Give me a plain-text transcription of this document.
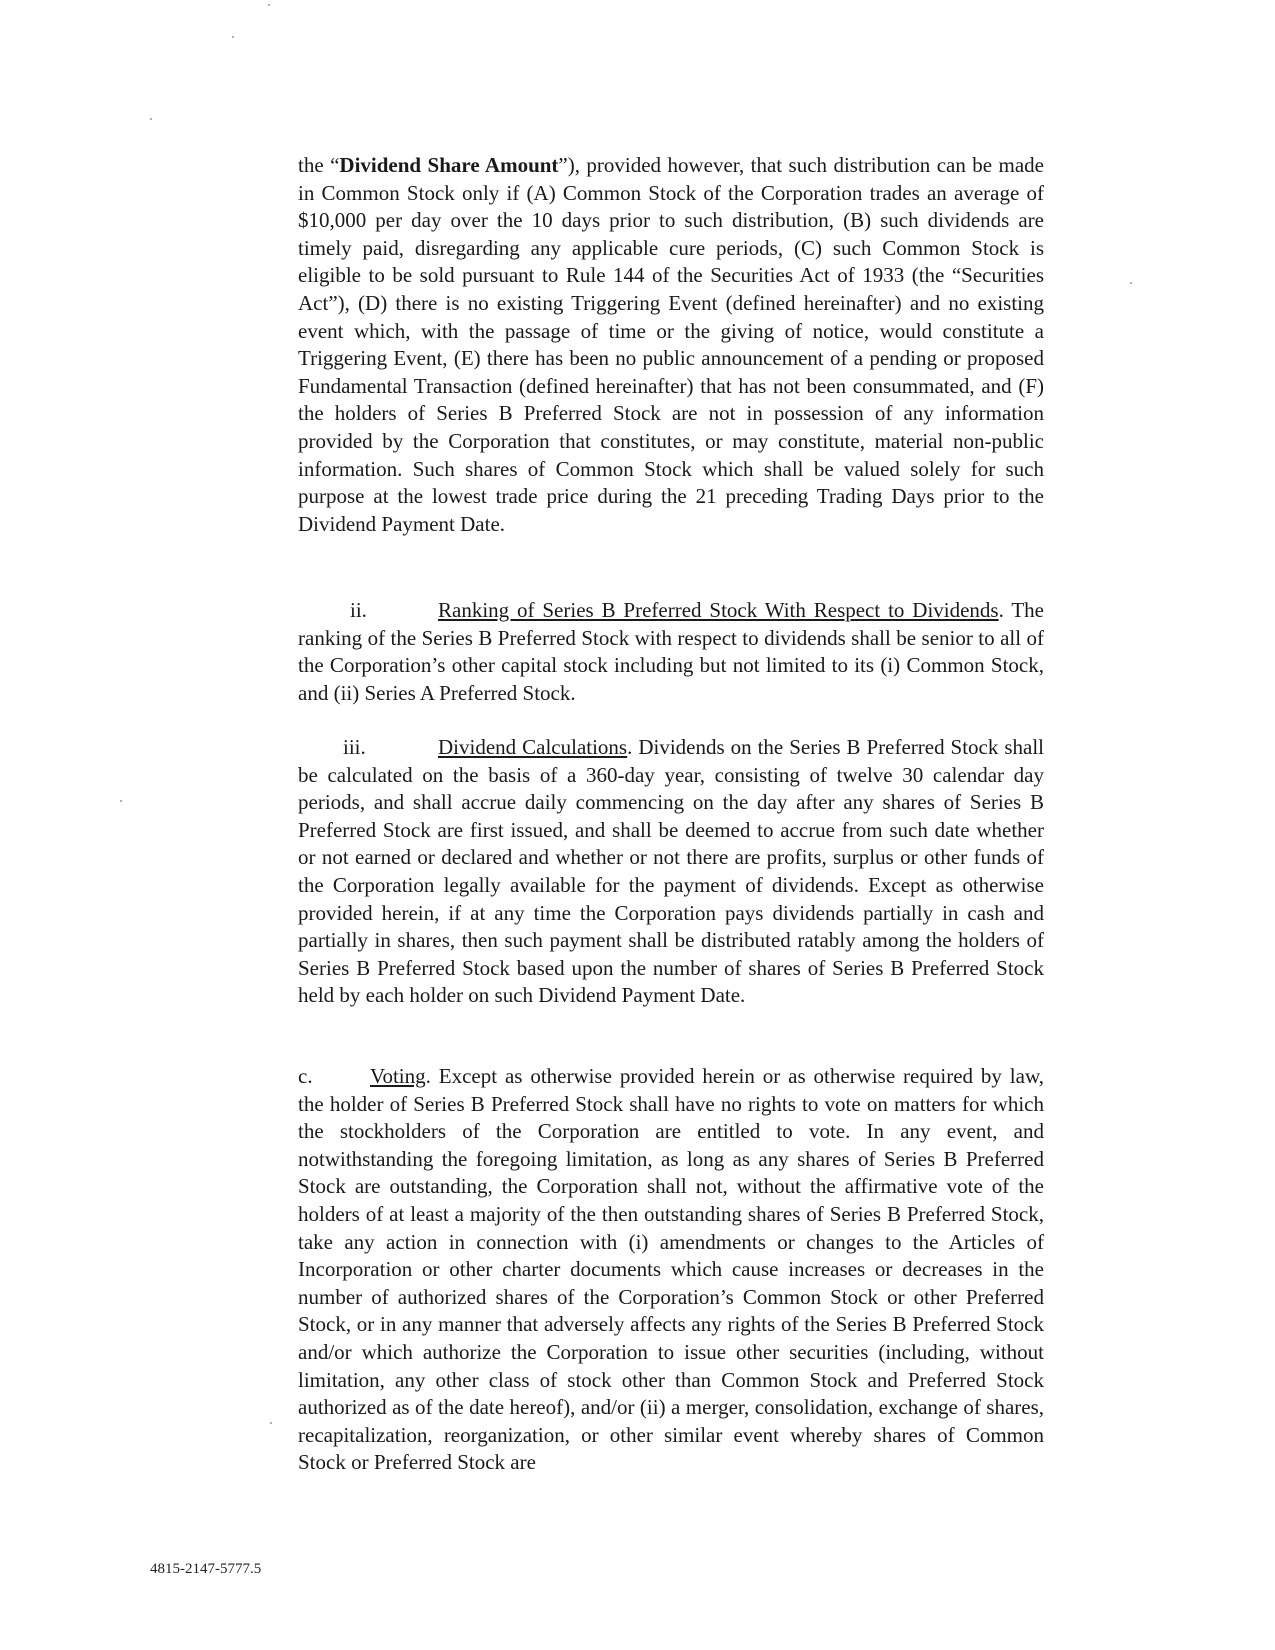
the “Dividend Share Amount”), provided however, that such distribution can be made in Common Stock only if (A) Common Stock of the Corporation trades an average of $10,000 per day over the 10 days prior to such distribution, (B) such dividends are timely paid, disregarding any applicable cure periods, (C) such Common Stock is eligible to be sold pursuant to Rule 144 of the Securities Act of 1933 (the “Securities Act”), (D) there is no existing Triggering Event (defined hereinafter) and no existing event which, with the passage of time or the giving of notice, would constitute a Triggering Event, (E) there has been no public announcement of a pending or proposed Fundamental Transaction (defined hereinafter) that has not been consummated, and (F) the holders of Series B Preferred Stock are not in possession of any information provided by the Corporation that constitutes, or may constitute, material non-public information. Such shares of Common Stock which shall be valued solely for such purpose at the lowest trade price during the 21 preceding Trading Days prior to the Dividend Payment Date.

ii.	Ranking of Series B Preferred Stock With Respect to Dividends. The ranking of the Series B Preferred Stock with respect to dividends shall be senior to all of the Corporation’s other capital stock including but not limited to its (i) Common Stock, and (ii) Series A Preferred Stock.

iii.	Dividend Calculations. Dividends on the Series B Preferred Stock shall be calculated on the basis of a 360-day year, consisting of twelve 30 calendar day periods, and shall accrue daily commencing on the day after any shares of Series B Preferred Stock are first issued, and shall be deemed to accrue from such date whether or not earned or declared and whether or not there are profits, surplus or other funds of the Corporation legally available for the payment of dividends. Except as otherwise provided herein, if at any time the Corporation pays dividends partially in cash and partially in shares, then such payment shall be distributed ratably among the holders of Series B Preferred Stock based upon the number of shares of Series B Preferred Stock held by each holder on such Dividend Payment Date.

c.	Voting. Except as otherwise provided herein or as otherwise required by law, the holder of Series B Preferred Stock shall have no rights to vote on matters for which the stockholders of the Corporation are entitled to vote. In any event, and notwithstanding the foregoing limitation, as long as any shares of Series B Preferred Stock are outstanding, the Corporation shall not, without the affirmative vote of the holders of at least a majority of the then outstanding shares of Series B Preferred Stock, take any action in connection with (i) amendments or changes to the Articles of Incorporation or other charter documents which cause increases or decreases in the number of authorized shares of the Corporation’s Common Stock or other Preferred Stock, or in any manner that adversely affects any rights of the Series B Preferred Stock and/or which authorize the Corporation to issue other securities (including, without limitation, any other class of stock other than Common Stock and Preferred Stock authorized as of the date hereof), and/or (ii) a merger, consolidation, exchange of shares, recapitalization, reorganization, or other similar event whereby shares of Common Stock or Preferred Stock are

4815-2147-5777.5
